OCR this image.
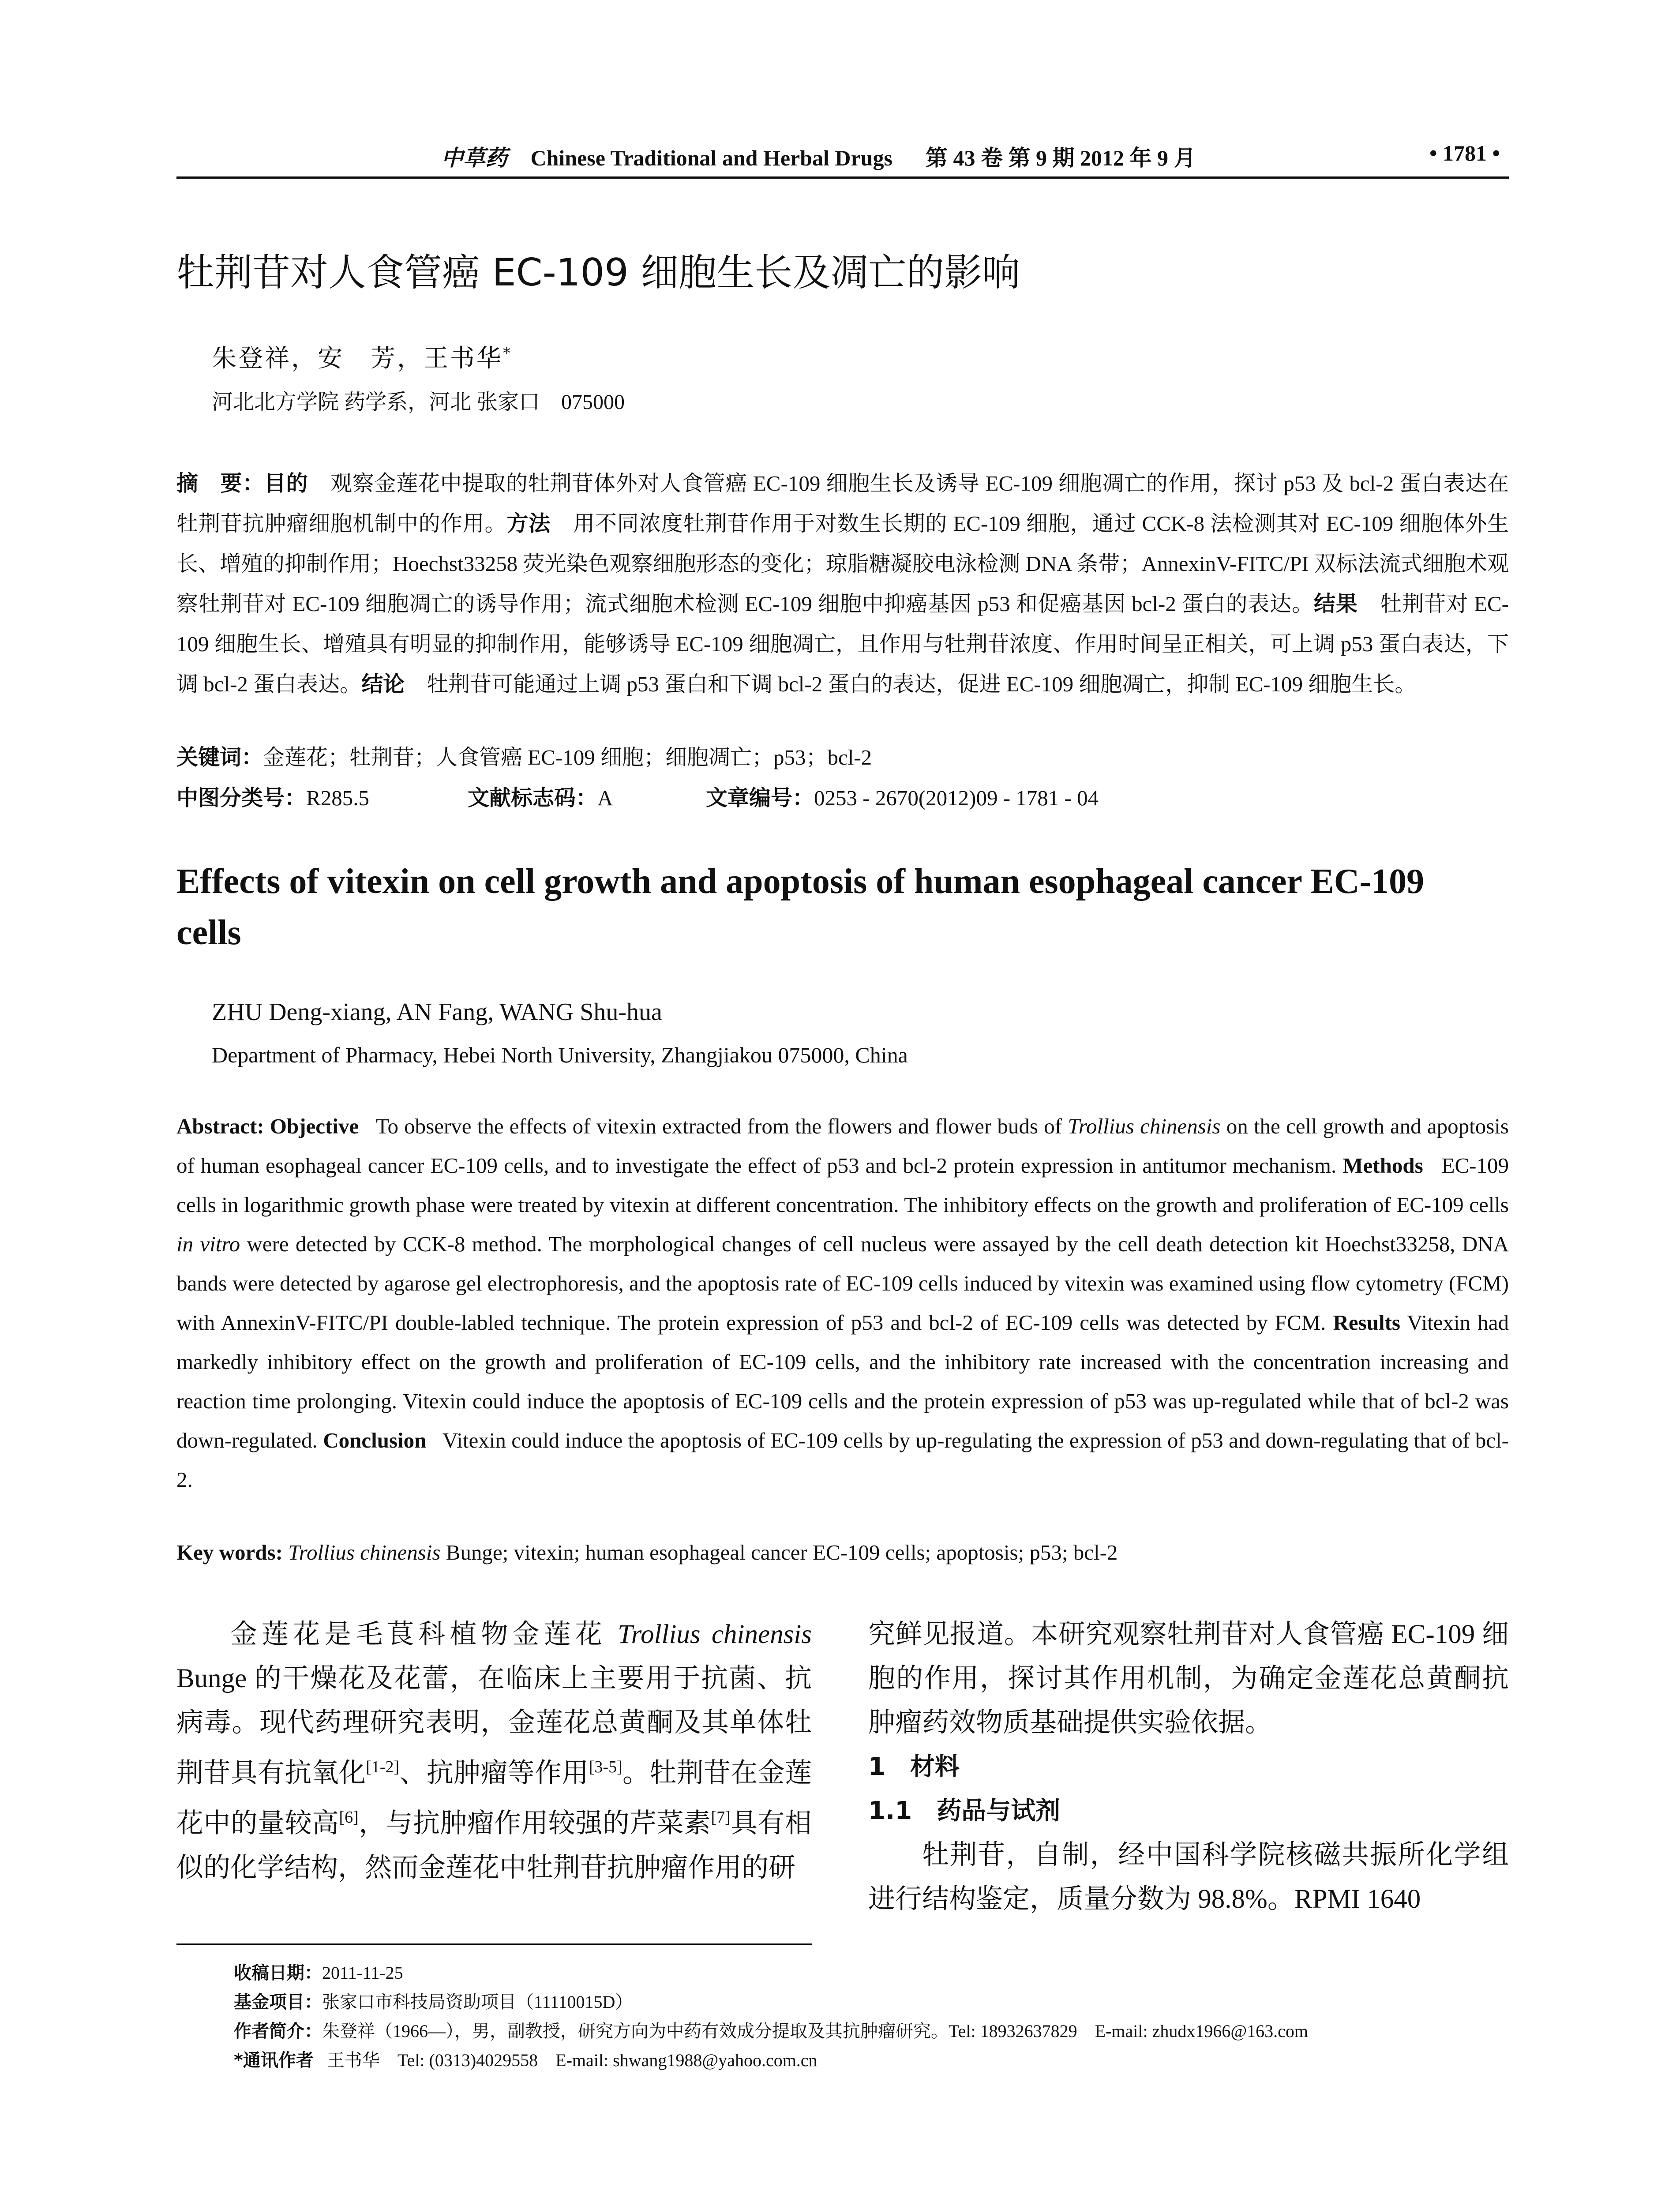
中草药 Chinese Traditional and Herbal Drugs 第 43 卷 第 9 期 2012 年 9 月	• 1781 •
牡荆苷对人食管癌 EC-109 细胞生长及凋亡的影响
朱登祥，安　芳，王书华*
河北北方学院 药学系，河北 张家口　075000
摘　要：目的 观察金莲花中提取的牡荆苷体外对人食管癌 EC-109 细胞生长及诱导 EC-109 细胞凋亡的作用，探讨 p53 及 bcl-2 蛋白表达在牡荆苷抗肿瘤细胞机制中的作用。方法 用不同浓度牡荆苷作用于对数生长期的 EC-109 细胞，通过 CCK-8 法检测其对 EC-109 细胞体外生长、增殖的抑制作用；Hoechst33258 荧光染色观察细胞形态的变化；琼脂糖凝胶电泳检测 DNA 条带；AnnexinV-FITC/PI 双标法流式细胞术观察牡荆苷对 EC-109 细胞凋亡的诱导作用；流式细胞术检测 EC-109 细胞中抑癌基因 p53 和促癌基因 bcl-2 蛋白的表达。结果 牡荆苷对 EC-109 细胞生长、增殖具有明显的抑制作用，能够诱导 EC-109 细胞凋亡，且作用与牡荆苷浓度、作用时间呈正相关，可上调 p53 蛋白表达，下调 bcl-2 蛋白表达。结论 牡荆苷可能通过上调 p53 蛋白和下调 bcl-2 蛋白的表达，促进 EC-109 细胞凋亡，抑制 EC-109 细胞生长。
关键词：金莲花；牡荆苷；人食管癌 EC-109 细胞；细胞凋亡；p53；bcl-2
中图分类号：R285.5	文献标志码：A	文章编号：0253 - 2670(2012)09 - 1781 - 04
Effects of vitexin on cell growth and apoptosis of human esophageal cancer EC-109 cells
ZHU Deng-xiang, AN Fang, WANG Shu-hua
Department of Pharmacy, Hebei North University, Zhangjiakou 075000, China
Abstract: Objective To observe the effects of vitexin extracted from the flowers and flower buds of Trollius chinensis on the cell growth and apoptosis of human esophageal cancer EC-109 cells, and to investigate the effect of p53 and bcl-2 protein expression in antitumor mechanism. Methods EC-109 cells in logarithmic growth phase were treated by vitexin at different concentration. The inhibitory effects on the growth and proliferation of EC-109 cells in vitro were detected by CCK-8 method. The morphological changes of cell nucleus were assayed by the cell death detection kit Hoechst33258, DNA bands were detected by agarose gel electrophoresis, and the apoptosis rate of EC-109 cells induced by vitexin was examined using flow cytometry (FCM) with AnnexinV-FITC/PI double-labled technique. The protein expression of p53 and bcl-2 of EC-109 cells was detected by FCM. Results Vitexin had markedly inhibitory effect on the growth and proliferation of EC-109 cells, and the inhibitory rate increased with the concentration increasing and reaction time prolonging. Vitexin could induce the apoptosis of EC-109 cells and the protein expression of p53 was up-regulated while that of bcl-2 was down-regulated. Conclusion Vitexin could induce the apoptosis of EC-109 cells by up-regulating the expression of p53 and down-regulating that of bcl-2.
Key words: Trollius chinensis Bunge; vitexin; human esophageal cancer EC-109 cells; apoptosis; p53; bcl-2

金莲花是毛茛科植物金莲花 Trollius chinensis Bunge 的干燥花及花蕾，在临床上主要用于抗菌、抗病毒。现代药理研究表明，金莲花总黄酮及其单体牡荆苷具有抗氧化[1-2]、抗肿瘤等作用[3-5]。牡荆苷在金莲花中的量较高[6]，与抗肿瘤作用较强的芹菜素[7]具有相似的化学结构，然而金莲花中牡荆苷抗肿瘤作用的研

究鲜见报道。本研究观察牡荆苷对人食管癌 EC-109 细胞的作用，探讨其作用机制，为确定金莲花总黄酮抗肿瘤药效物质基础提供实验依据。

1　材料

1.1　药品与试剂

牡荆苷，自制，经中国科学院核磁共振所化学组进行结构鉴定，质量分数为 98.8%。RPMI 1640

收稿日期：2011-11-25
基金项目：张家口市科技局资助项目（11110015D）
作者简介：朱登祥（1966—），男，副教授，研究方向为中药有效成分提取及其抗肿瘤研究。Tel: 18932637829　E-mail: zhudx1966@163.com
*通讯作者 王书华　Tel: (0313)4029558　E-mail: shwang1988@yahoo.com.cn
